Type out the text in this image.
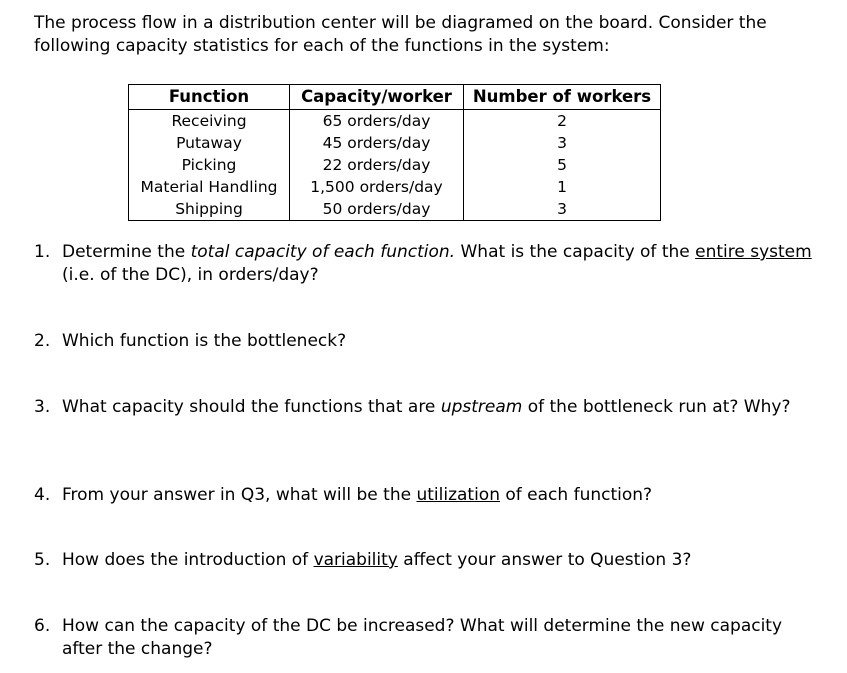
The process flow in a distribution center will be diagramed on the board. Consider the following capacity statistics for each of the functions in the system:

Function	Capacity/worker	Number of workers
Receiving	65 orders/day	2
Putaway	45 orders/day	3
Picking	22 orders/day	5
Material Handling	1,500 orders/day	1
Shipping	50 orders/day	3
1. Determine the total capacity of each function. What is the capacity of the entire system (i.e. of the DC), in orders/day?
2. Which function is the bottleneck?
3. What capacity should the functions that are upstream of the bottleneck run at? Why?
4. From your answer in Q3, what will be the utilization of each function?
5. How does the introduction of variability affect your answer to Question 3?
6. How can the capacity of the DC be increased? What will determine the new capacity after the change?
